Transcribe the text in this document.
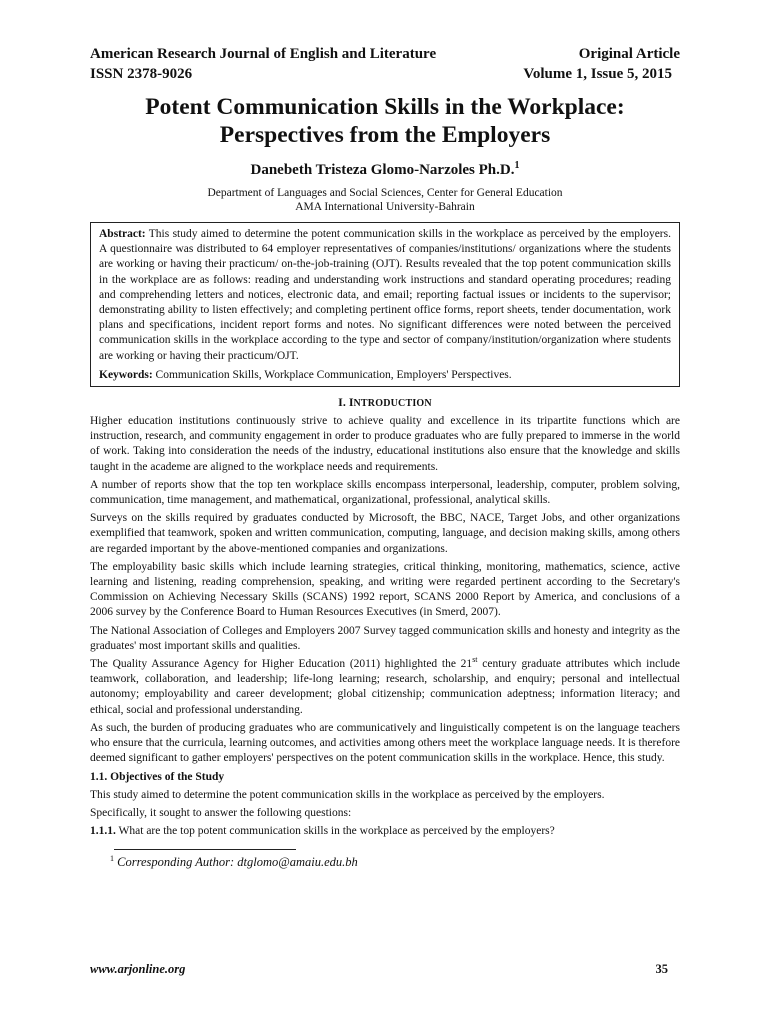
American Research Journal of English and Literature	Original Article
ISSN 2378-9026	Volume 1, Issue 5, 2015
Potent Communication Skills in the Workplace: Perspectives from the Employers
Danebeth Tristeza Glomo-Narzoles Ph.D.$^1$
Department of Languages and Social Sciences, Center for General Education
AMA International University-Bahrain

Abstract: This study aimed to determine the potent communication skills in the workplace as perceived by the employers. A questionnaire was distributed to 64 employer representatives of companies/institutions/ organizations where the students are working or having their practicum/ on-the-job-training (OJT). Results revealed that the top potent communication skills in the workplace are as follows: reading and understanding work instructions and standard operating procedures; reading and comprehending letters and notices, electronic data, and email; reporting factual issues or incidents to the supervisor; demonstrating ability to listen effectively; and completing pertinent office forms, report sheets, tender documentation, work plans and specifications, incident report forms and notes. No significant differences were noted between the perceived communication skills in the workplace according to the type and sector of company/institution/organization where students are working or having their practicum/OJT.

Keywords: Communication Skills, Workplace Communication, Employers' Perspectives.

I. INTRODUCTION

Higher education institutions continuously strive to achieve quality and excellence in its tripartite functions which are instruction, research, and community engagement in order to produce graduates who are fully prepared to immerse in the world of work. Taking into consideration the needs of the industry, educational institutions also ensure that the knowledge and skills taught in the academe are aligned to the workplace needs and requirements.

A number of reports show that the top ten workplace skills encompass interpersonal, leadership, computer, problem solving, communication, time management, and mathematical, organizational, professional, analytical skills.

Surveys on the skills required by graduates conducted by Microsoft, the BBC, NACE, Target Jobs, and other organizations exemplified that teamwork, spoken and written communication, computing, language, and decision making skills, among others are regarded important by the above-mentioned companies and organizations.

The employability basic skills which include learning strategies, critical thinking, monitoring, mathematics, science, active learning and listening, reading comprehension, speaking, and writing were regarded pertinent according to the Secretary's Commission on Achieving Necessary Skills (SCANS) 1992 report, SCANS 2000 Report by America, and conclusions of a 2006 survey by the Conference Board to Human Resources Executives (in Smerd, 2007).

The National Association of Colleges and Employers 2007 Survey tagged communication skills and honesty and integrity as the graduates' most important skills and qualities.

The Quality Assurance Agency for Higher Education (2011) highlighted the 21st century graduate attributes which include teamwork, collaboration, and leadership; life-long learning; research, scholarship, and enquiry; personal and intellectual autonomy; employability and career development; global citizenship; communication adeptness; information literacy; and ethical, social and professional understanding.

As such, the burden of producing graduates who are communicatively and linguistically competent is on the language teachers who ensure that the curricula, learning outcomes, and activities among others meet the workplace language needs. It is therefore deemed significant to gather employers' perspectives on the potent communication skills in the workplace. Hence, this study.

1.1. Objectives of the Study

This study aimed to determine the potent communication skills in the workplace as perceived by the employers.

Specifically, it sought to answer the following questions:

1.1.1. What are the top potent communication skills in the workplace as perceived by the employers?

$^1$ Corresponding Author: dtglomo@amaiu.edu.bh
www.arjonline.org	35
